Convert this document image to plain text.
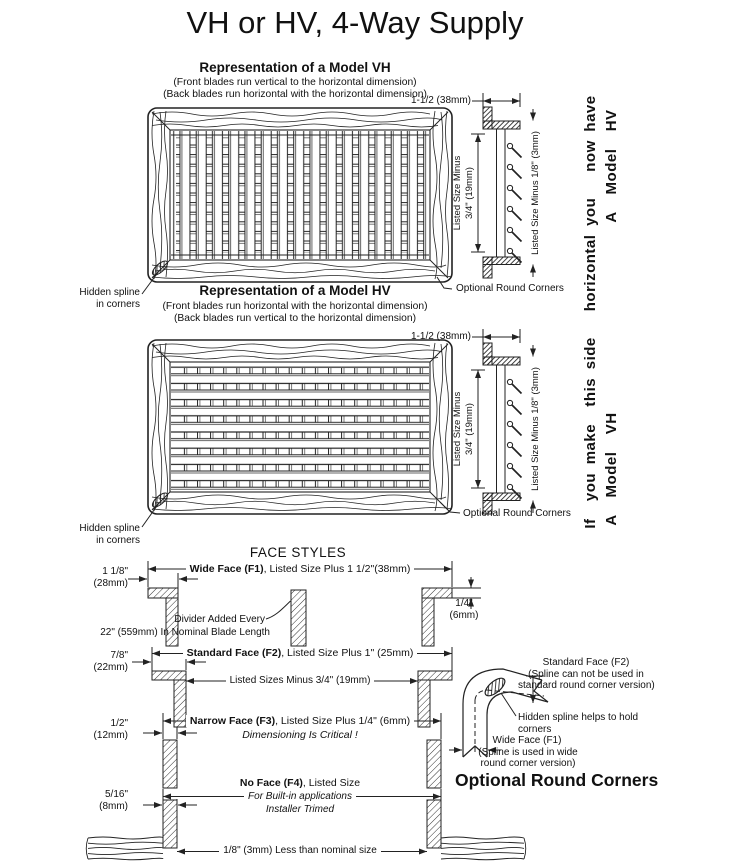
VH or HV, 4-Way Supply
Representation of a Model VH
(Front blades run vertical to the horizontal dimension)
(Back blades run horizontal with the horizontal dimension)
1-1/2 (38mm)
Listed Size Minus 3/4" (19mm)	Listed Size Minus 1/8" (3mm)
Optional Round Corners
Hidden spline
in corners
Representation of a Model HV
(Front blades run horizontal with the horizontal dimension)
(Back blades run vertical to the horizontal dimension)
1-1/2 (38mm)
Listed Size Minus 3/4" (19mm)	Listed Size Minus 1/8" (3mm)
Optional Round Corners
Hidden spline
in corners
If  you make  this side   horizontal you   now have A  Model  HV
A  Model  VH
FACE STYLES
1 1/8"
(28mm)
Wide Face (F1), Listed Size Plus 1 1/2"(38mm)
Divider Added Every
22" (559mm) In Nominal Blade Length
1/4"
(6mm)
7/8"
(22mm)
Standard Face (F2), Listed Size Plus 1" (25mm)
Listed Sizes Minus 3/4" (19mm)
1/2"
(12mm)
Narrow Face (F3), Listed Size Plus 1/4" (6mm)
Dimensioning Is Critical !
No Face (F4), Listed Size
5/16"
(8mm)
For Built-in applications
Installer Trimed
1/8" (3mm) Less than nominal size
Standard Face (F2)
(Spline can not be used in
standard round corner version)
Hidden spline helps to hold corners
Wide Face (F1)
(Spline is used in wide
round corner version)
Optional Round Corners
